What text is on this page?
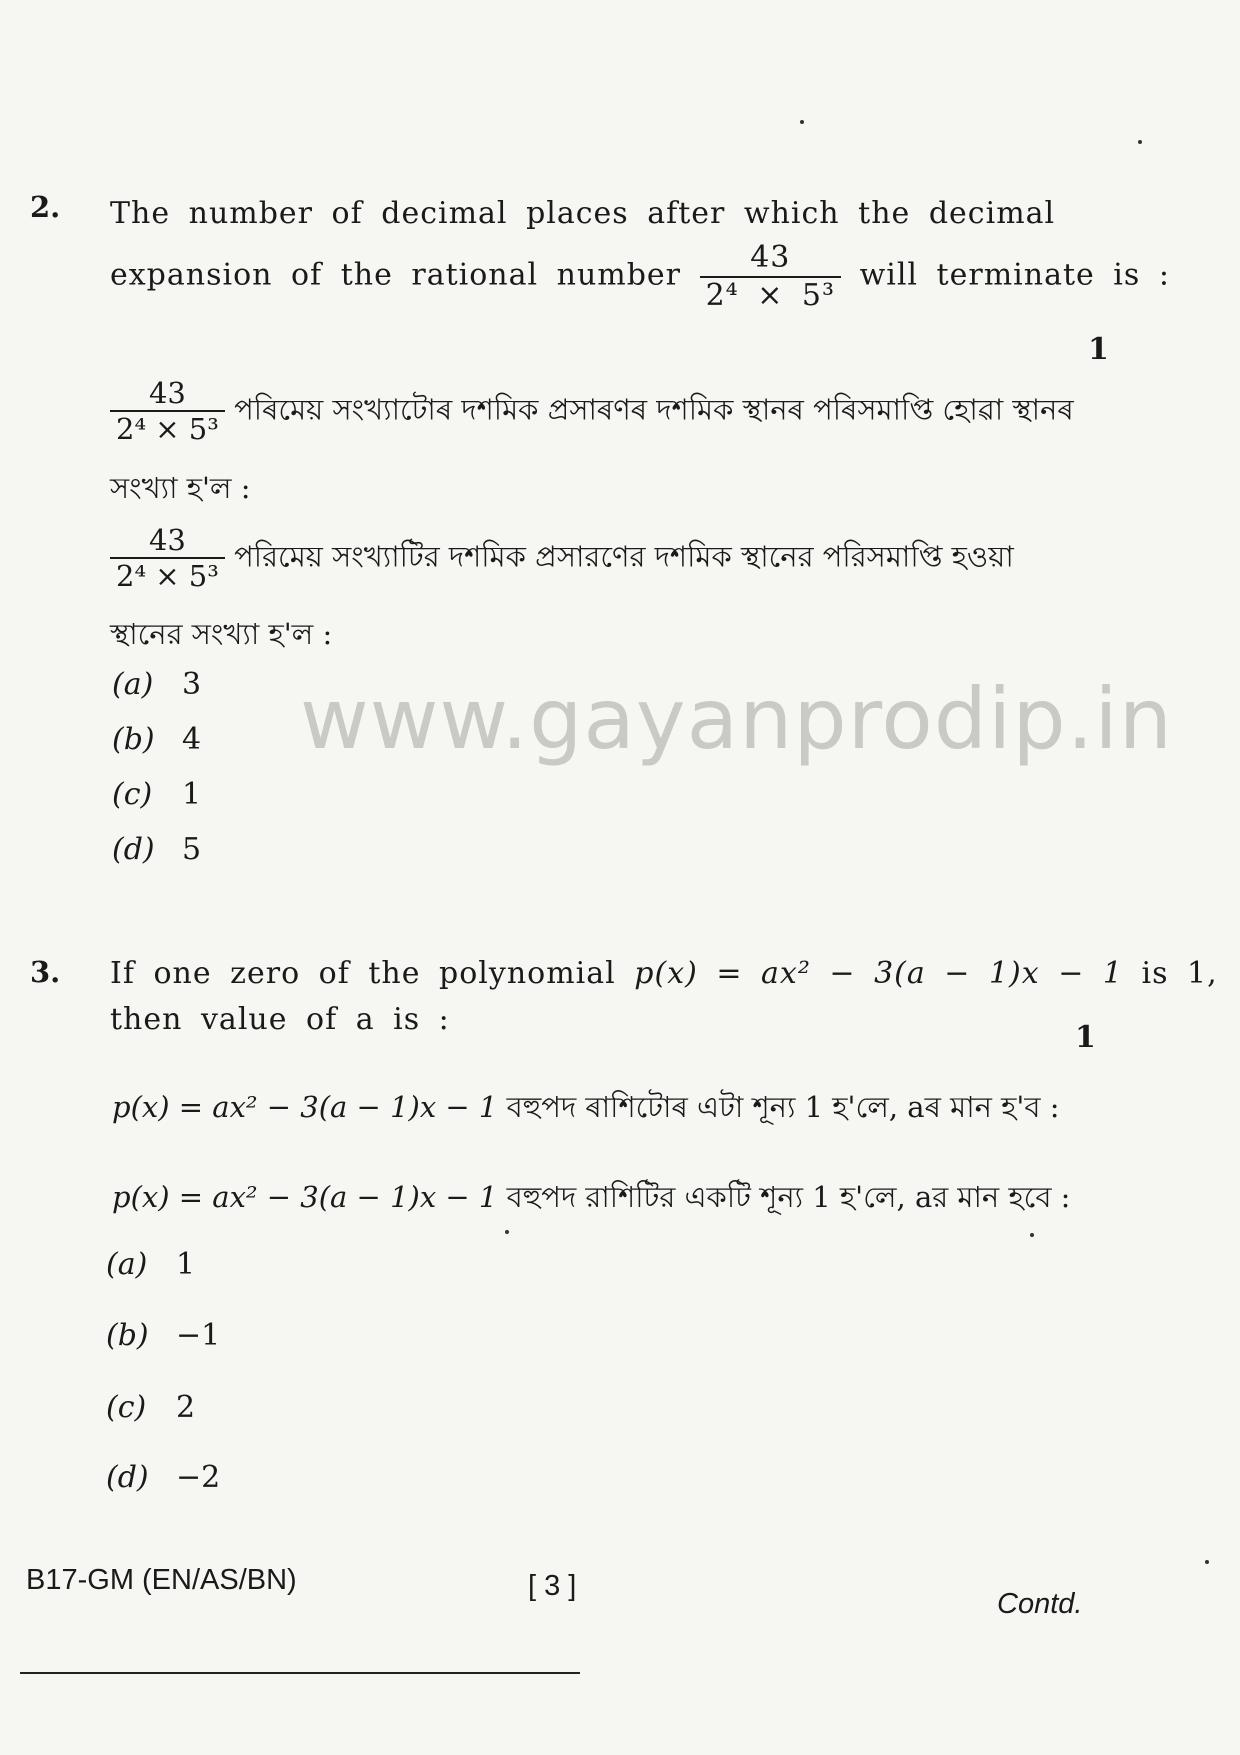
www.gayanprodip.in
2. The number of decimal places after which the decimal
expansion of the rational number $\frac{43}{\text{2⁴ × 5³}}$ will terminate is :
1
$\frac{43}{\text{2⁴ × 5³}}$ পৰিমেয় সংখ্যাটোৰ দশমিক প্ৰসাৰণৰ দশমিক স্থানৰ পৰিসমাপ্তি হোৱা স্থানৰ
সংখ্যা হ'ল :
$\frac{43}{\text{2⁴ × 5³}}$ পরিমেয় সংখ্যাটির দশমিক প্রসারণের দশমিক স্থানের পরিসমাপ্তি হওয়া
স্থানের সংখ্যা হ'ল :
(a) 3
(b) 4
(c) 1
(d) 5
3. If one zero of the polynomial p(x) = ax² − 3(a − 1)x − 1 is 1,
then value of a is :
1
p(x) = ax² − 3(a − 1)x − 1 বহুপদ ৰাশিটোৰ এটা শূন্য 1 হ'লে, aৰ মান হ'ব :
p(x) = ax² − 3(a − 1)x − 1 বহুপদ রাশিটির একটি শূন্য 1 হ'লে, aর মান হবে :
(a) 1
(b) −1
(c) 2
(d) −2
B17-GM (EN/AS/BN)	[ 3 ]
Contd.
